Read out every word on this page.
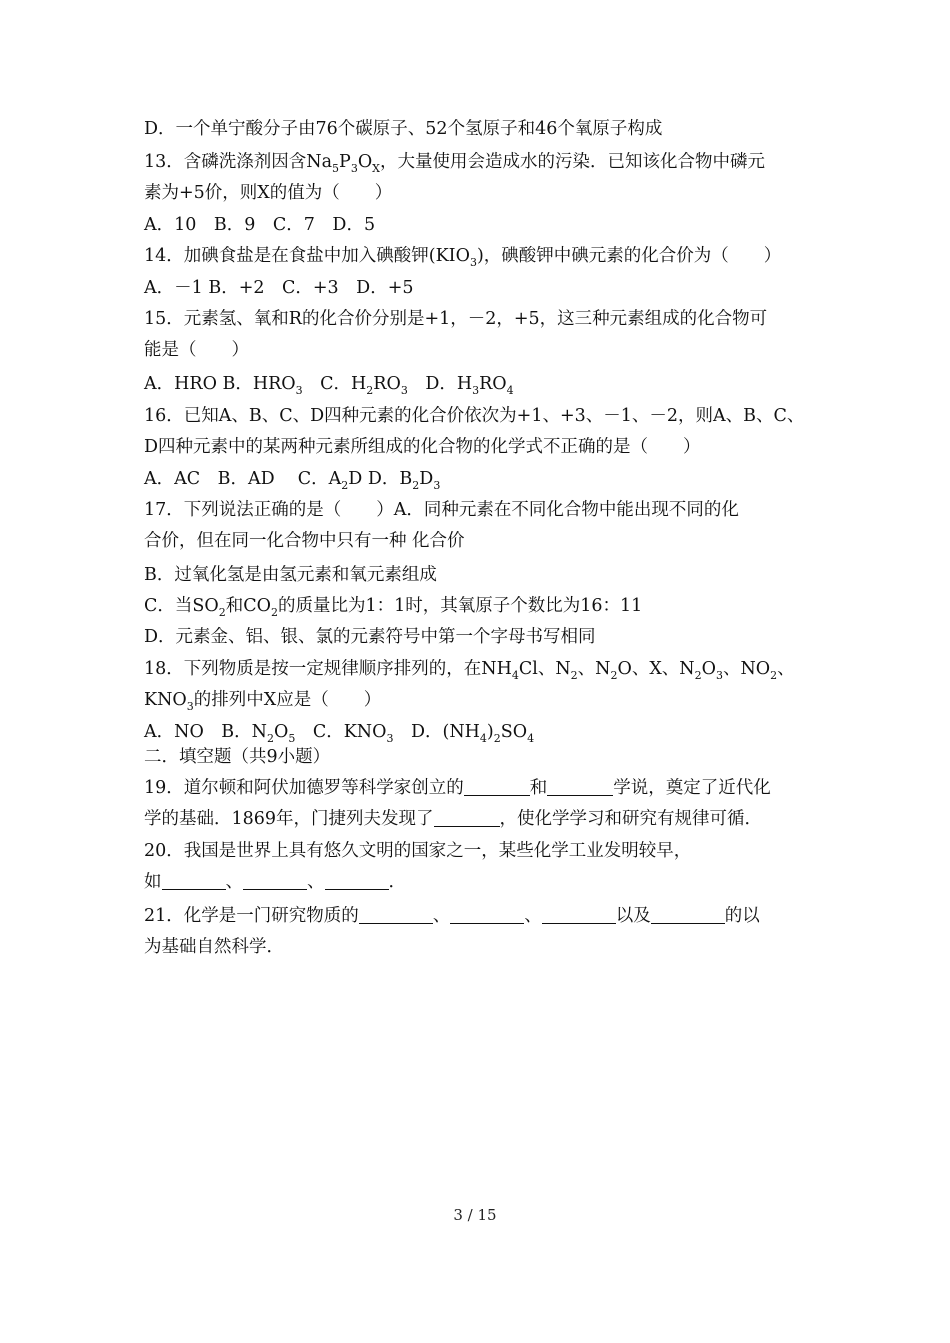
D．一个单宁酸分子由76个碳原子、52个氢原子和46个氧原子构成
13．含磷洗涤剂因含$Na_5P_3O_X$，大量使用会造成水的污染．已知该化合物中磷元
素为+5价，则X的值为（　　）
A．10　B．9　C．7　D．5
14．加碘食盐是在食盐中加入碘酸钾$(KIO_3)$，碘酸钾中碘元素的化合价为（　　）
A．－1 B．+2　C．+3　D．+5
15．元素氢、氧和R的化合价分别是+1，－2，+5，这三种元素组成的化合物可
能是（　　）
A．HRO B．$HRO_3$　C．$H_2RO_3$　D．$H_3RO_4$
16．已知A、B、C、D四种元素的化合价依次为+1、+3、－1、－2，则A、B、C、
D四种元素中的某两种元素所组成的化合物的化学式不正确的是（　　）
A．AC　B．AD　 C．$A_2D$ D．$B_2D_3$
17．下列说法正确的是（　　）A．同种元素在不同化合物中能出现不同的化
合价，但在同一化合物中只有一种 化合价
B．过氧化氢是由氢元素和氧元素组成
C．当$SO_2$和$CO_2$的质量比为1：1时，其氧原子个数比为16：11
D．元素金、铝、银、氯的元素符号中第一个字母书写相同
18．下列物质是按一定规律顺序排列的，在$NH_4Cl$、$N_2$、$N_2O$、X、$N_2O_3$、$NO_2$、
$KNO_3$的排列中X应是（　　）
A．NO　B．$N_2O_5$　C．$KNO_3$　D．$(NH_4)_2SO_4$
二．填空题（共9小题）
19．道尔顿和阿伏加德罗等科学家创立的	和	学说，奠定了近代化
学的基础．1869年，门捷列夫发现了	，使化学学习和研究有规律可循．
20．我国是世界上具有悠久文明的国家之一，某些化学工业发明较早，
如	、	、	．
21．化学是一门研究物质的	、	、	以及	的以
为基础自然科学．
3 / 15
